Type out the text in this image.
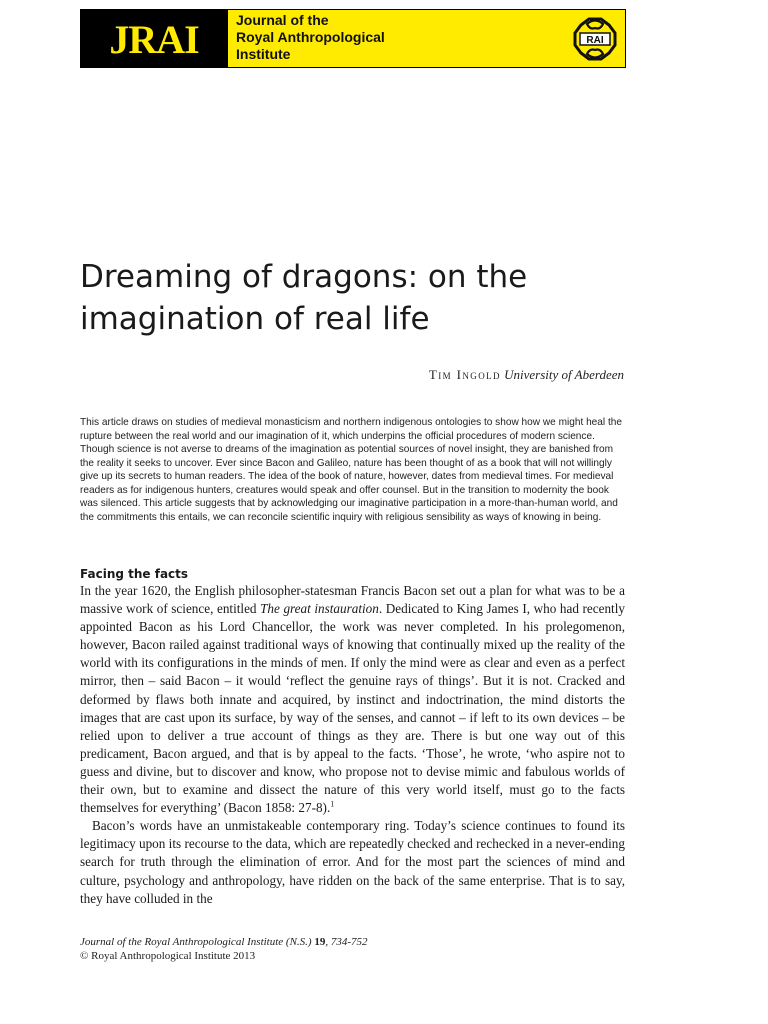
JRAI	Journal of the
Royal Anthropological
Institute
RAI
Dreaming of dragons: on the imagination of real life
Tim Ingold University of Aberdeen

This article draws on studies of medieval monasticism and northern indigenous ontologies to show how we might heal the rupture between the real world and our imagination of it, which underpins the official procedures of modern science. Though science is not averse to dreams of the imagination as potential sources of novel insight, they are banished from the reality it seeks to uncover. Ever since Bacon and Galileo, nature has been thought of as a book that will not willingly give up its secrets to human readers. The idea of the book of nature, however, dates from medieval times. For medieval readers as for indigenous hunters, creatures would speak and offer counsel. But in the transition to modernity the book was silenced. This article suggests that by acknowledging our imaginative participation in a more-than-human world, and the commitments this entails, we can reconcile scientific inquiry with religious sensibility as ways of knowing in being.

Facing the facts

In the year 1620, the English philosopher-statesman Francis Bacon set out a plan for what was to be a massive work of science, entitled The great instauration. Dedicated to King James I, who had recently appointed Bacon as his Lord Chancellor, the work was never completed. In his prolegomenon, however, Bacon railed against traditional ways of knowing that continually mixed up the reality of the world with its configurations in the minds of men. If only the mind were as clear and even as a perfect mirror, then – said Bacon – it would ‘reflect the genuine rays of things’. But it is not. Cracked and deformed by flaws both innate and acquired, by instinct and indoctrination, the mind distorts the images that are cast upon its surface, by way of the senses, and cannot – if left to its own devices – be relied upon to deliver a true account of things as they are. There is but one way out of this predicament, Bacon argued, and that is by appeal to the facts. ‘Those’, he wrote, ‘who aspire not to guess and divine, but to discover and know, who propose not to devise mimic and fabulous worlds of their own, but to examine and dissect the nature of this very world itself, must go to the facts themselves for everything’ (Bacon 1858: 27-8).$^1$

Bacon’s words have an unmistakeable contemporary ring. Today’s science continues to found its legitimacy upon its recourse to the data, which are repeatedly checked and rechecked in a never-ending search for truth through the elimination of error. And for the most part the sciences of mind and culture, psychology and anthropology, have ridden on the back of the same enterprise. That is to say, they have colluded in the

Journal of the Royal Anthropological Institute (N.S.) 19, 734-752
© Royal Anthropological Institute 2013
